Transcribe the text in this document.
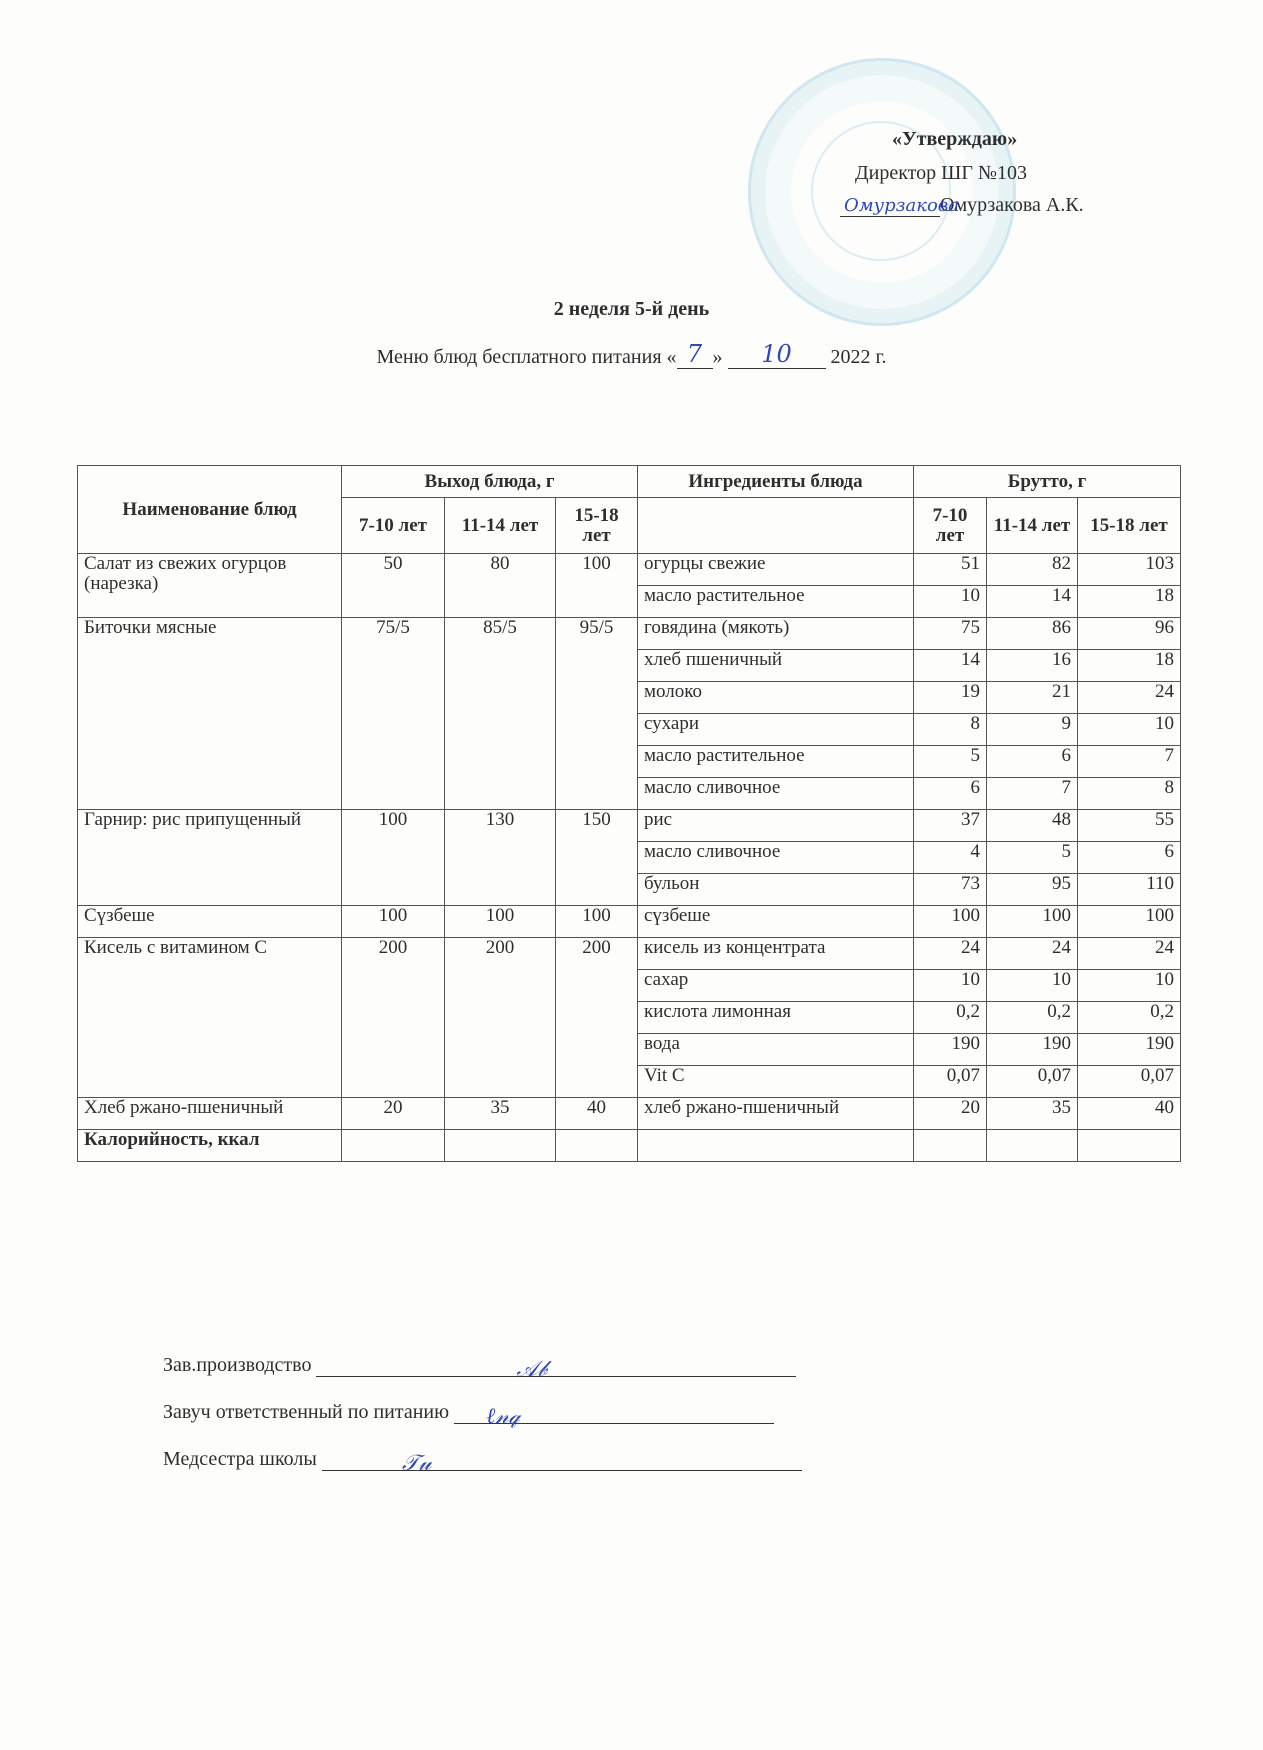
«Утверждаю»
Директор ШГ №103
Омурзакова
Омурзакова А.К.
2 неделя 5-й день
Меню блюд бесплатного питания « 7 » 10 2022 г.
Наименование блюд	Выход блюда, г			Ингредиенты блюда	Брутто, г		
	7-10 лет	11-14 лет	15-18 лет		7-10 лет	11-14 лет	15-18 лет
Салат из свежих огурцов (нарезка)	50	80	100	огурцы свежие	51	82	103
				масло растительное	10	14	18
Биточки мясные	75/5	85/5	95/5	говядина (мякоть)	75	86	96
				хлеб пшеничный	14	16	18
				молоко	19	21	24
				сухари	8	9	10
				масло растительное	5	6	7
				масло сливочное	6	7	8
Гарнир: рис припущенный	100	130	150	рис	37	48	55
				масло сливочное	4	5	6
				бульон	73	95	110
Сүзбеше	100	100	100	сүзбеше	100	100	100
Кисель с витамином С	200	200	200	кисель из концентрата	24	24	24
				сахар	10	10	10
				кислота лимонная	0,2	0,2	0,2
				вода	190	190	190
				Vit C	0,07	0,07	0,07
Хлеб ржано-пшеничный	20	35	40	хлеб ржано-пшеничный	20	35	40
Калорийность, ккал							
Зав.производство	𝒜𝒷
Завуч ответственный по питанию ℓ𝓃𝓆
Медсестра школы	𝒯𝓊
